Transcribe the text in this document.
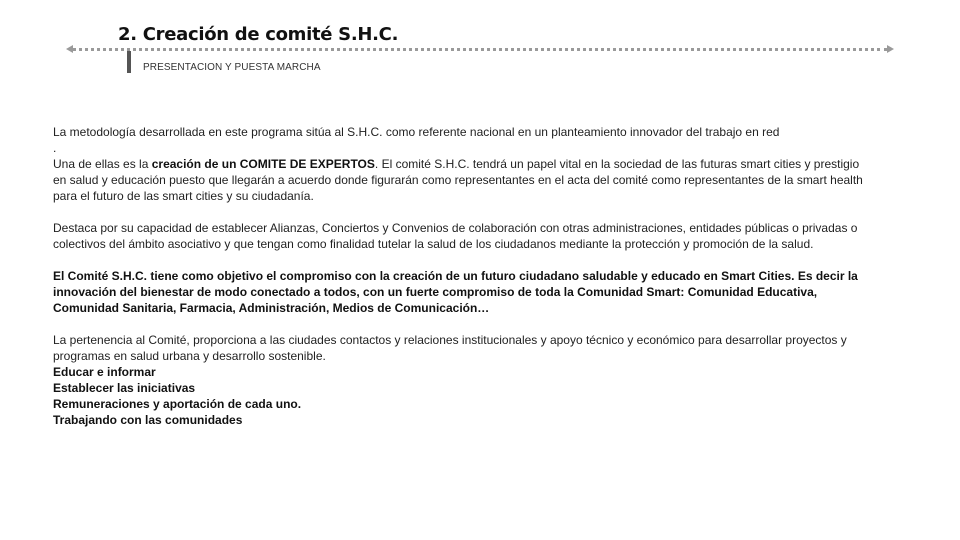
2. Creación de comité S.H.C.
PRESENTACION Y PUESTA MARCHA
La metodología desarrollada en este programa sitúa al S.H.C. como referente nacional en un planteamiento innovador del trabajo en red
.

Una de ellas es la creación de un COMITE DE EXPERTOS. El comité S.H.C. tendrá un papel vital en la sociedad de las futuras smart cities y prestigio en salud y educación puesto que llegarán a acuerdo donde figurarán como representantes en el acta del comité como representantes de la smart health para el futuro de las smart cities y su ciudadanía.

Destaca por su capacidad de establecer Alianzas, Conciertos y Convenios de colaboración con otras administraciones, entidades públicas o privadas o colectivos del ámbito asociativo y que tengan como finalidad tutelar la salud de los ciudadanos mediante la protección y promoción de la salud.

El Comité S.H.C. tiene como objetivo el compromiso con la creación de un futuro ciudadano saludable y educado en Smart Cities. Es decir la innovación del bienestar de modo conectado a todos, con un fuerte compromiso de toda la Comunidad Smart: Comunidad Educativa, Comunidad Sanitaria, Farmacia, Administración, Medios de Comunicación…

La pertenencia al Comité, proporciona a las ciudades contactos y relaciones institucionales y apoyo técnico y económico para desarrollar proyectos y programas en salud urbana y desarrollo sostenible.
Educar e informar
Establecer las iniciativas
Remuneraciones y aportación de cada uno.
Trabajando con las comunidades
